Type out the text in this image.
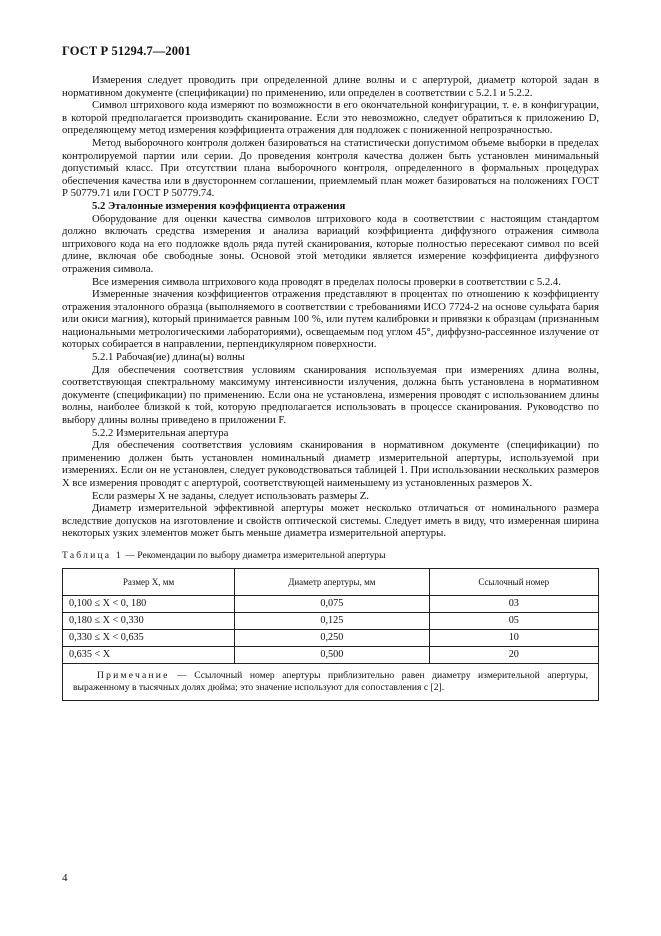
ГОСТ Р 51294.7—2001

Измерения следует проводить при определенной длине волны и с апертурой, диаметр которой задан в нормативном документе (спецификации) по применению, или определен в соответствии с 5.2.1 и 5.2.2.

Символ штрихового кода измеряют по возможности в его окончательной конфигурации, т. е. в конфигурации, в которой предполагается производить сканирование. Если это невозможно, следует обратиться к приложению D, определяющему метод измерения коэффициента отражения для подложек с пониженной непрозрачностью.

Метод выборочного контроля должен базироваться на статистически допустимом объеме выборки в пределах контролируемой партии или серии. До проведения контроля качества должен быть установлен минимальный допустимый класс. При отсутствии плана выборочного контроля, определенного в формальных процедурах обеспечения качества или в двустороннем соглашении, приемлемый план может базироваться на положениях ГОСТ Р 50779.71 или ГОСТ Р 50779.74.

5.2 Эталонные измерения коэффициента отражения

Оборудование для оценки качества символов штрихового кода в соответствии с настоящим стандартом должно включать средства измерения и анализа вариаций коэффициента диффузного отражения символа штрихового кода на его подложке вдоль ряда путей сканирования, которые полностью пересекают символ по всей длине, включая обе свободные зоны. Основой этой методики является измерение коэффициента диффузного отражения символа.

Все измерения символа штрихового кода проводят в пределах полосы проверки в соответствии с 5.2.4.

Измеренные значения коэффициентов отражения представляют в процентах по отношению к коэффициенту отражения эталонного образца (выполняемого в соответствии с требованиями ИСО 7724-2 на основе сульфата бария или окиси магния), который принимается равным 100 %, или путем калибровки и привязки к образцам (признанным национальными метрологическими лабораториями), освещаемым под углом 45°, диффузно-рассеянное излучение от которых собирается в направлении, перпендикулярном поверхности.

5.2.1 Рабочая(ие) длина(ы) волны

Для обеспечения соответствия условиям сканирования используемая при измерениях длина волны, соответствующая спектральному максимуму интенсивности излучения, должна быть установлена в нормативном документе (спецификации) по применению. Если она не установлена, измерения проводят с использованием длины волны, наиболее близкой к той, которую предполагается использовать в процессе сканирования. Руководство по выбору длины волны приведено в приложении F.

5.2.2 Измерительная апертура

Для обеспечения соответствия условиям сканирования в нормативном документе (спецификации) по применению должен быть установлен номинальный диаметр измерительной апертуры, используемой при измерениях. Если он не установлен, следует руководствоваться таблицей 1. При использовании нескольких размеров X все измерения проводят с апертурой, соответствующей наименьшему из установленных размеров X.

Если размеры X не заданы, следует использовать размеры Z.

Диаметр измерительной эффективной апертуры может несколько отличаться от номинального размера вследствие допусков на изготовление и свойств оптической системы. Следует иметь в виду, что измеренная ширина некоторых узких элементов может быть меньше диаметра измерительной апертуры.

Таблица 1 — Рекомендации по выбору диаметра измерительной апертуры
Размер X, мм	Диаметр апертуры, мм	Ссылочный номер
0,100 ≤ X < 0, 180	0,075	03
0,180 ≤ X < 0,330	0,125	05
0,330 ≤ X < 0,635	0,250	10
0,635 < X	0,500	20
Примечание — Ссылочный номер апертуры приблизительно равен диаметру измерительной апертуры, выраженному в тысячных долях дюйма; это значение используют для сопоставления с [2].		
4
